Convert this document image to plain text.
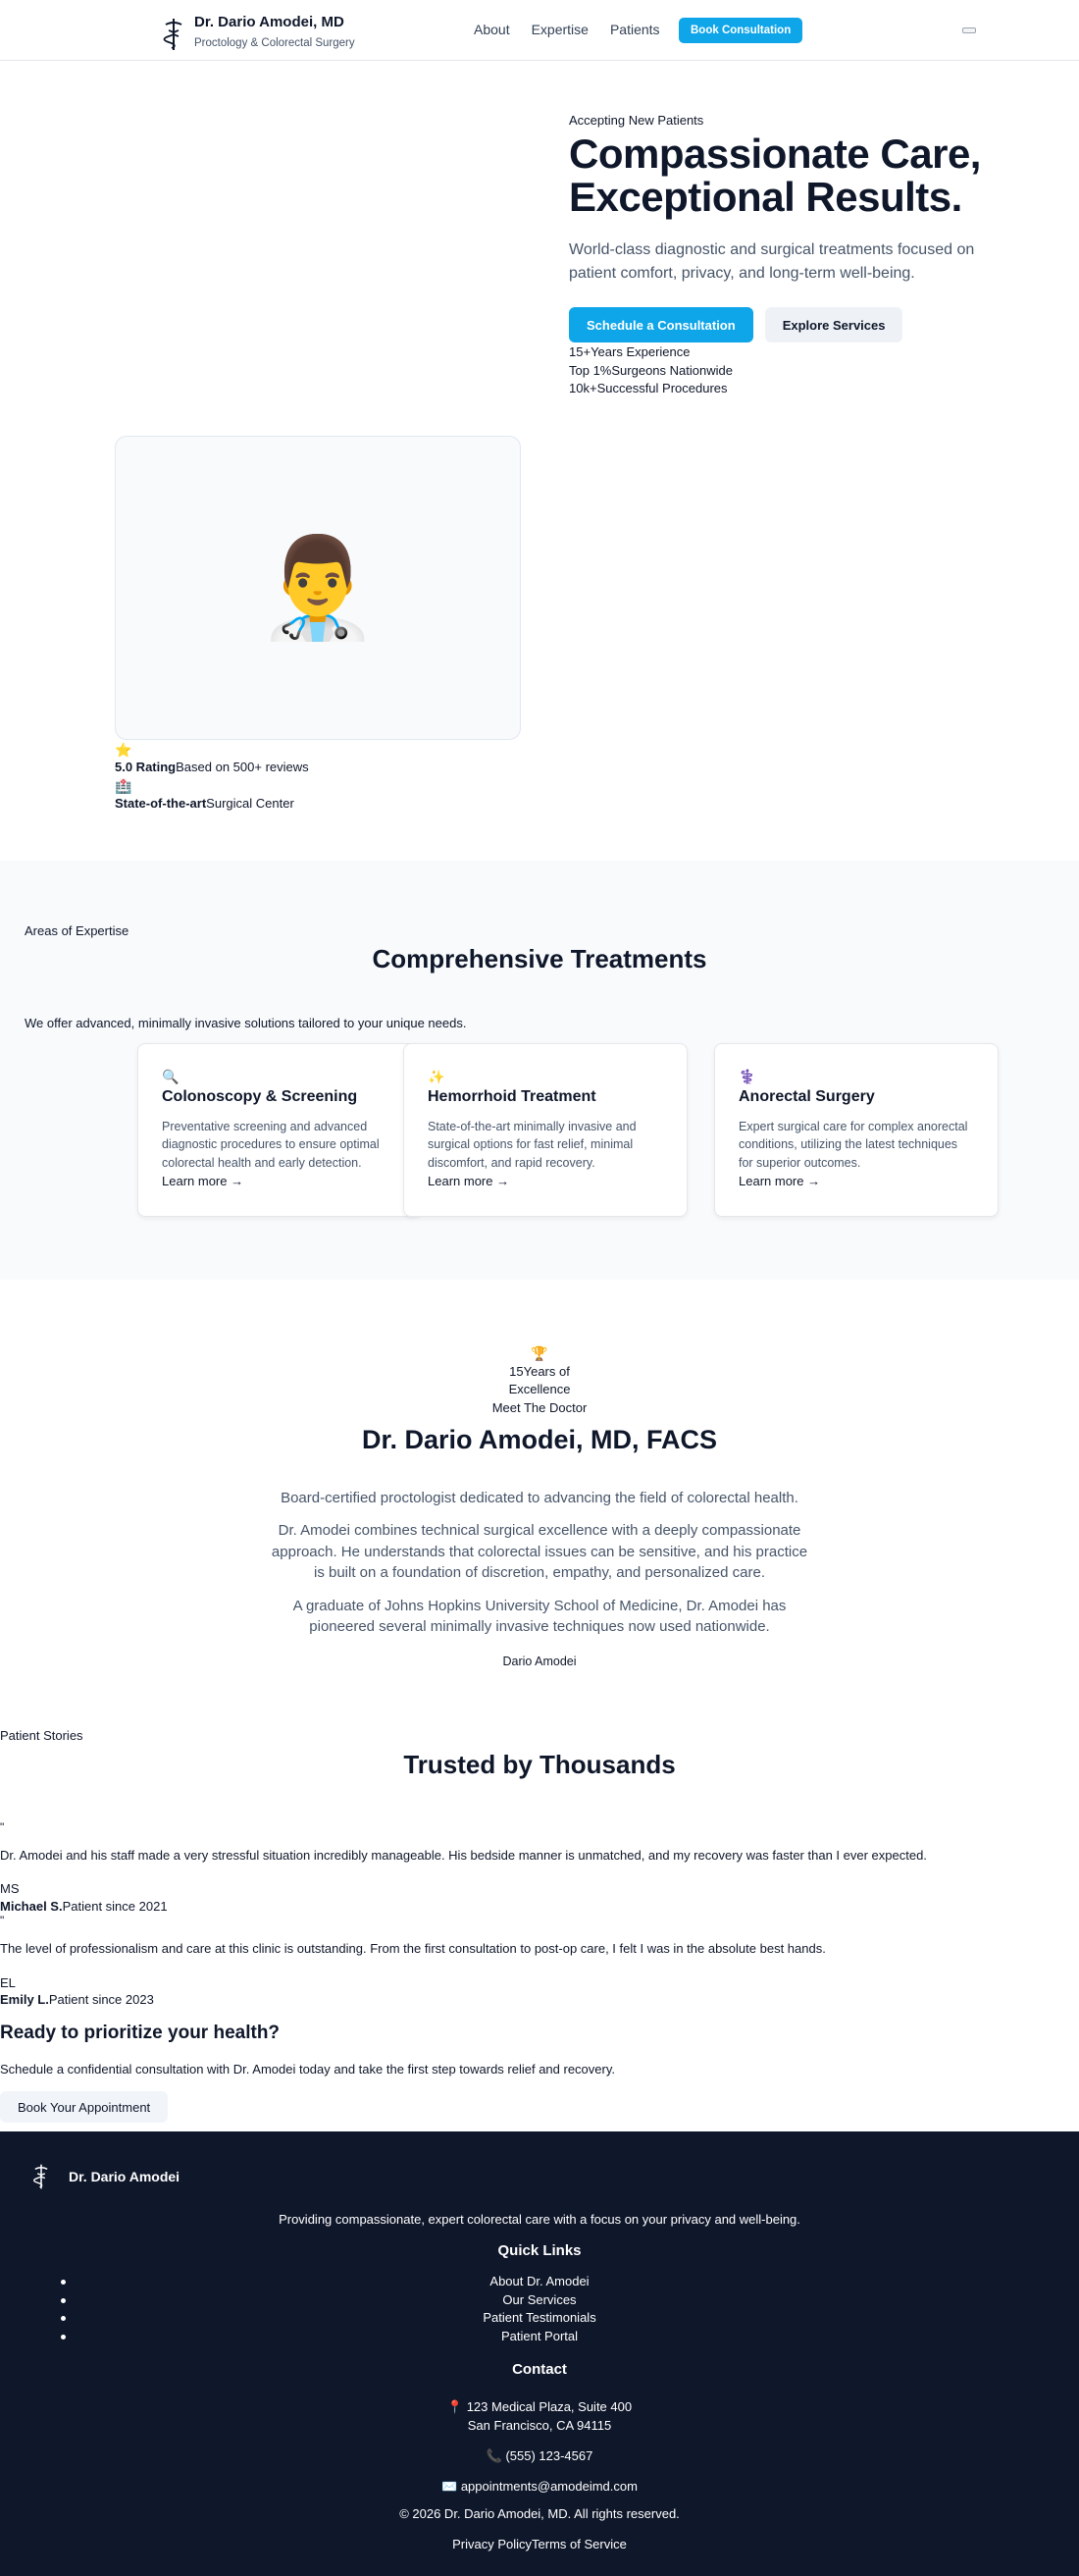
Dr. Dario Amodei, MD
Proctology & Colorectal Surgery
About Expertise Patients	Book Consultation
Accepting New Patients
Compassionate Care,
Exceptional Results.

World-class diagnostic and surgical treatments focused on patient comfort, privacy, and long-term well-being.

Schedule a Consultation	Explore Services
15+Years Experience
Top 1%Surgeons Nationwide
10k+Successful Procedures
👨‍⚕️
⭐
5.0 RatingBased on 500+ reviews
🏥
State-of-the-artSurgical Center
Areas of Expertise
Comprehensive Treatments

We offer advanced, minimally invasive solutions tailored to your unique needs.

🔍
Colonoscopy & Screening

Preventative screening and advanced diagnostic procedures to ensure optimal colorectal health and early detection.

Learn more →
✨
Hemorrhoid Treatment

State-of-the-art minimally invasive and surgical options for fast relief, minimal discomfort, and rapid recovery.

Learn more →
⚕️
Anorectal Surgery

Expert surgical care for complex anorectal conditions, utilizing the latest techniques for superior outcomes.

Learn more →
🏆
15Years of
Excellence
Meet The Doctor
Dr. Dario Amodei, MD, FACS

Board-certified proctologist dedicated to advancing the field of colorectal health.

Dr. Amodei combines technical surgical excellence with a deeply compassionate approach. He understands that colorectal issues can be sensitive, and his practice is built on a foundation of discretion, empathy, and personalized care.

A graduate of Johns Hopkins University School of Medicine, Dr. Amodei has pioneered several minimally invasive techniques now used nationwide.

Dario Amodei
Patient Stories
Trusted by Thousands
"

Dr. Amodei and his staff made a very stressful situation incredibly manageable. His bedside manner is unmatched, and my recovery was faster than I ever expected.

MS
Michael S.Patient since 2021
"

The level of professionalism and care at this clinic is outstanding. From the first consultation to post-op care, I felt I was in the absolute best hands.

EL
Emily L.Patient since 2023
Ready to prioritize your health?

Schedule a confidential consultation with Dr. Amodei today and take the first step towards relief and recovery.

Book Your Appointment
Dr. Dario Amodei

Providing compassionate, expert colorectal care with a focus on your privacy and well-being.

Quick Links
• About Dr. Amodei
• Our Services
• Patient Testimonials
• Patient Portal
Contact
📍 123 Medical Plaza, Suite 400
San Francisco, CA 94115
📞 (555) 123-4567
✉️ appointments@amodeimd.com
© 2026 Dr. Dario Amodei, MD. All rights reserved.
Privacy PolicyTerms of Service
